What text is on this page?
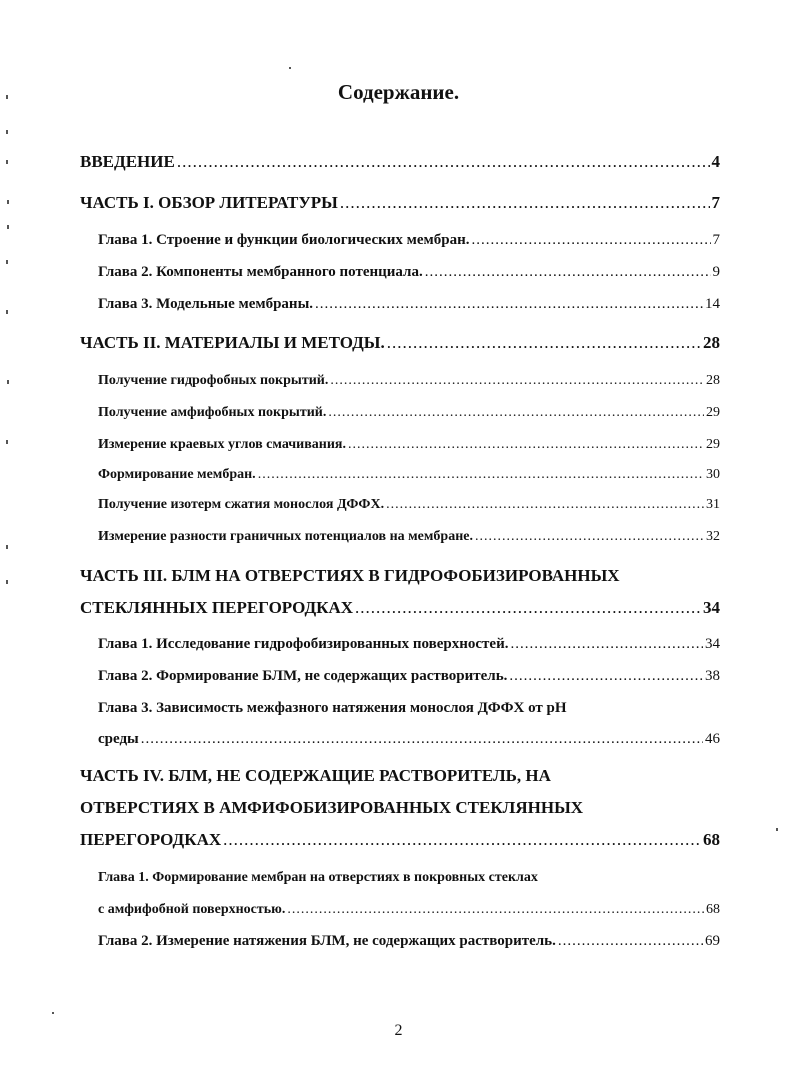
Содержание.
ВВЕДЕНИЕ .....	4
ЧАСТЬ I. ОБЗОР ЛИТЕРАТУРЫ .....	7
Глава 1. Строение и функции биологических мембран. .....	7
Глава 2. Компоненты мембранного потенциала. .....	9
Глава 3. Модельные мембраны. .....	14
ЧАСТЬ II. МАТЕРИАЛЫ И МЕТОДЫ. .....	28
Получение гидрофобных покрытий. .....	28
Получение амфифобных покрытий. .....	29
Измерение краевых углов смачивания. .....	29
Формирование мембран. .....	30
Получение изотерм сжатия монослоя ДФФХ. .....	31
Измерение разности граничных потенциалов на мембране. .....	32
ЧАСТЬ III. БЛМ НА ОТВЕРСТИЯХ В ГИДРОФОБИЗИРОВАННЫХ
СТЕКЛЯННЫХ ПЕРЕГОРОДКАХ .....	34
Глава 1. Исследование гидрофобизированных поверхностей. .....	34
Глава 2. Формирование БЛМ, не содержащих растворитель. .....	38
Глава 3. Зависимость межфазного натяжения монослоя ДФФХ от рН
среды .....	46
ЧАСТЬ IV. БЛМ, НЕ СОДЕРЖАЩИЕ РАСТВОРИТЕЛЬ, НА
ОТВЕРСТИЯХ В АМФИФОБИЗИРОВАННЫХ СТЕКЛЯННЫХ
ПЕРЕГОРОДКАХ .....	68
Глава 1. Формирование мембран на отверстиях в покровных стеклах
с амфифобной поверхностью. .....	68
Глава 2. Измерение натяжения БЛМ, не содержащих растворитель. .....	69
2
